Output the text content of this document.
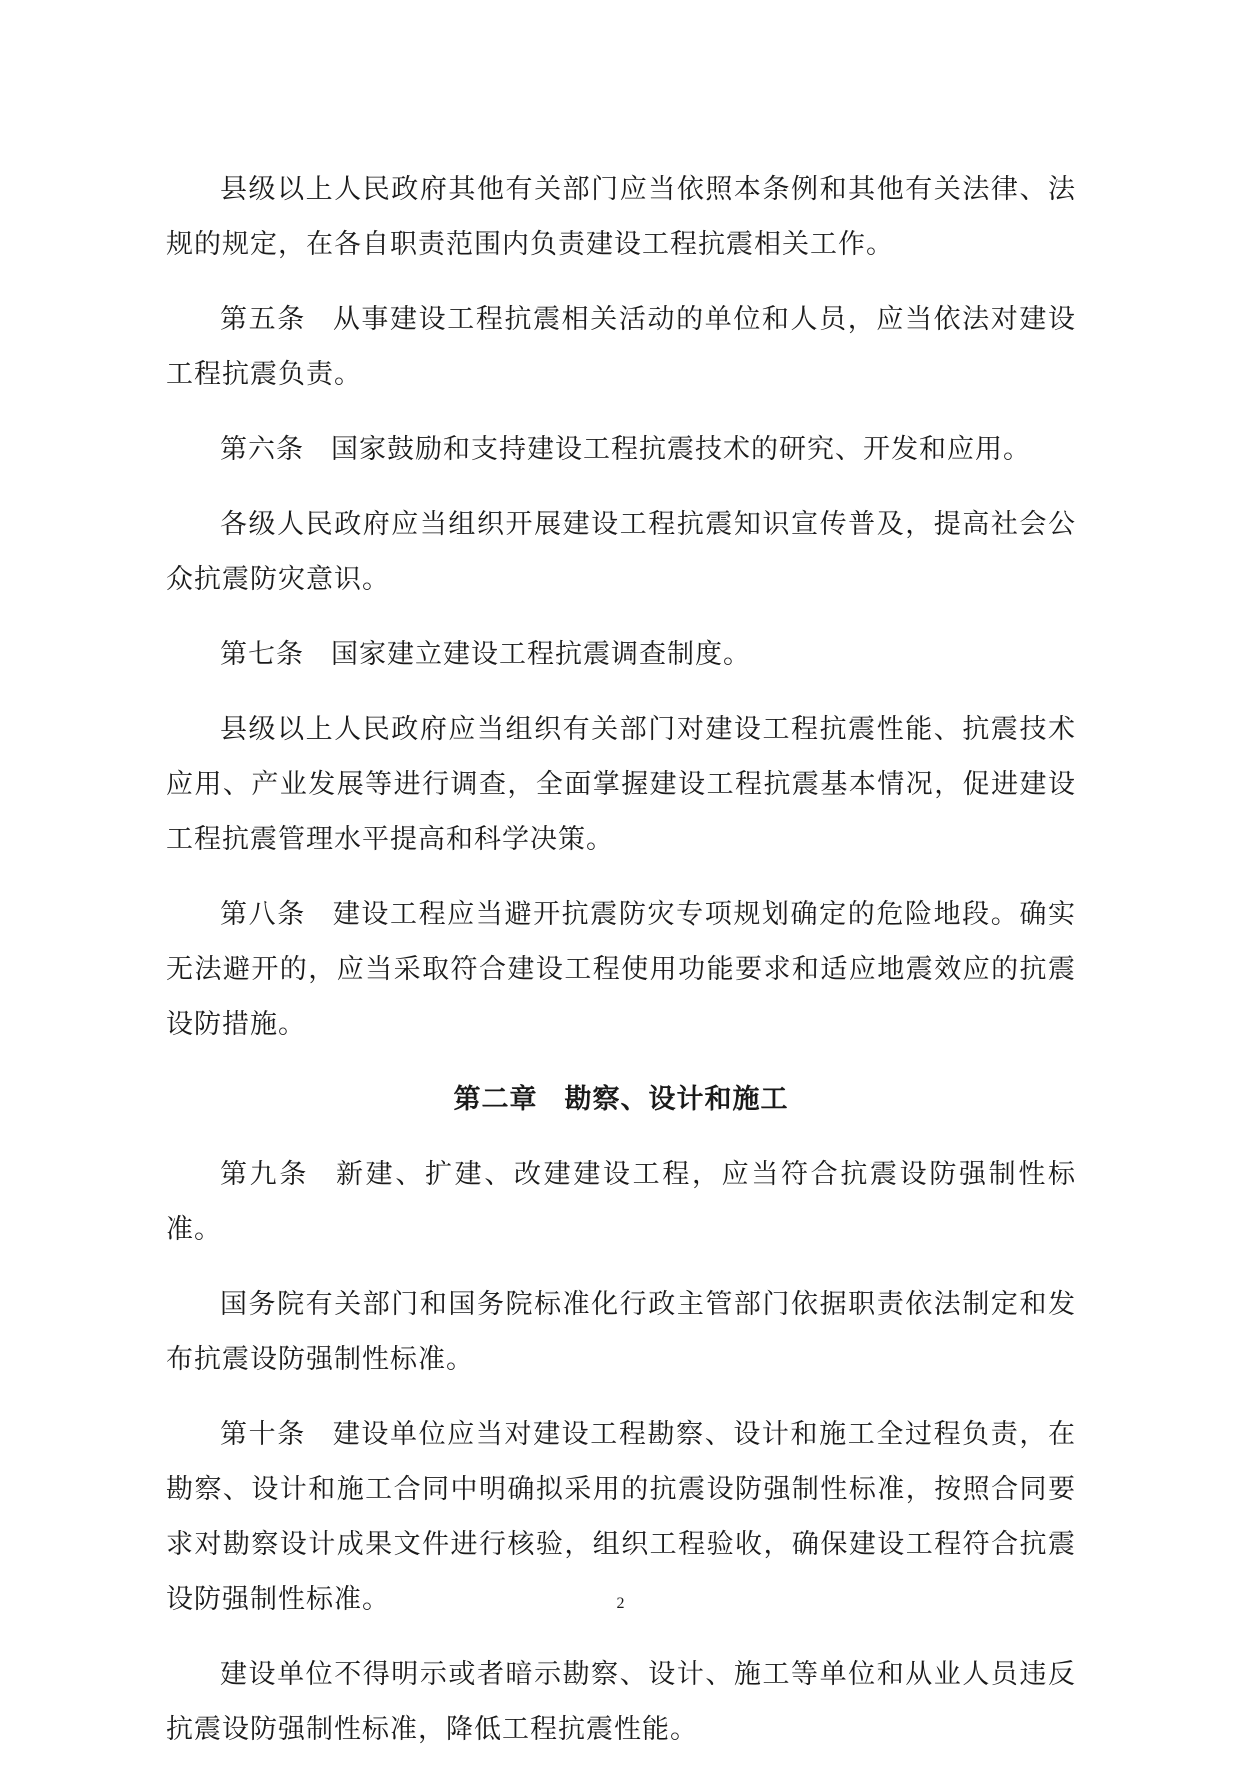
县级以上人民政府其他有关部门应当依照本条例和其他有关法律、法规的规定，在各自职责范围内负责建设工程抗震相关工作。

第五条 从事建设工程抗震相关活动的单位和人员，应当依法对建设工程抗震负责。

第六条 国家鼓励和支持建设工程抗震技术的研究、开发和应用。

各级人民政府应当组织开展建设工程抗震知识宣传普及，提高社会公众抗震防灾意识。

第七条 国家建立建设工程抗震调查制度。

县级以上人民政府应当组织有关部门对建设工程抗震性能、抗震技术应用、产业发展等进行调查，全面掌握建设工程抗震基本情况，促进建设工程抗震管理水平提高和科学决策。

第八条 建设工程应当避开抗震防灾专项规划确定的危险地段。确实无法避开的，应当采取符合建设工程使用功能要求和适应地震效应的抗震设防措施。

第二章 勘察、设计和施工

第九条 新建、扩建、改建建设工程，应当符合抗震设防强制性标准。

国务院有关部门和国务院标准化行政主管部门依据职责依法制定和发布抗震设防强制性标准。

第十条 建设单位应当对建设工程勘察、设计和施工全过程负责，在勘察、设计和施工合同中明确拟采用的抗震设防强制性标准，按照合同要求对勘察设计成果文件进行核验，组织工程验收，确保建设工程符合抗震设防强制性标准。

建设单位不得明示或者暗示勘察、设计、施工等单位和从业人员违反抗震设防强制性标准，降低工程抗震性能。

2
